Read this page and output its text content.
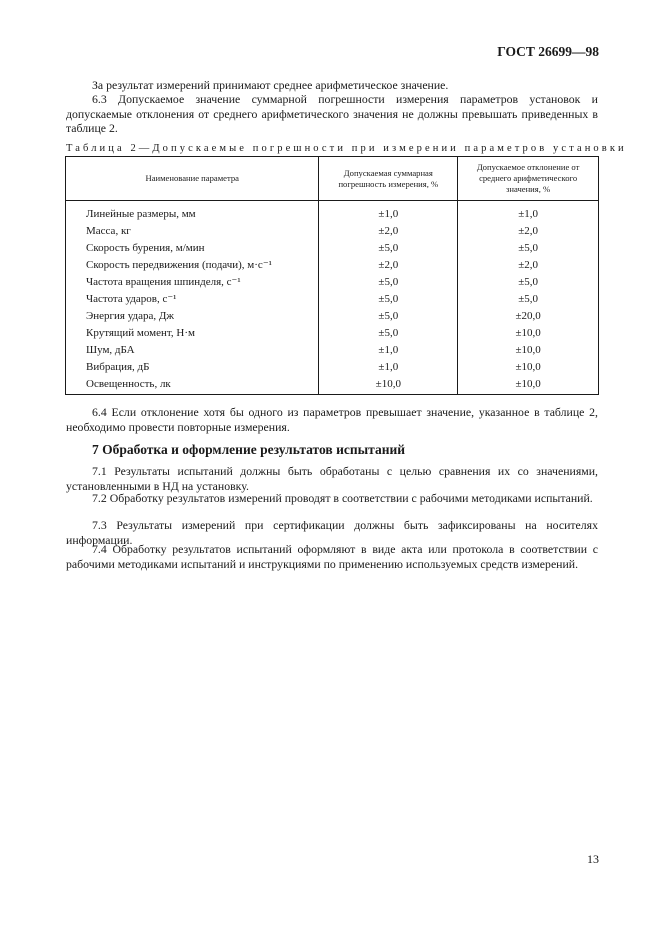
ГОСТ 26699—98

За результат измерений принимают среднее арифметическое значение.

6.3 Допускаемое значение суммарной погрешности измерения параметров установок и допускаемые отклонения от среднего арифметического значения не должны превышать приведенных в таблице 2.

Таблица 2—Допускаемые погрешности при измерении параметров установки
Наименование параметра	Допускаемая суммарная погрешность измерения, %	Допускаемое отклонение от среднего арифметического значения, %
Линейные размеры, мм	±1,0	±1,0
Масса, кг	±2,0	±2,0
Скорость бурения, м/мин	±5,0	±5,0
Скорость передвижения (подачи), м·с⁻¹	±2,0	±2,0
Частота вращения шпинделя, с⁻¹	±5,0	±5,0
Частота ударов, с⁻¹	±5,0	±5,0
Энергия удара, Дж	±5,0	±20,0
Крутящий момент, Н·м	±5,0	±10,0
Шум, дБА	±1,0	±10,0
Вибрация, дБ	±1,0	±10,0
Освещенность, лк	±10,0	±10,0

6.4 Если отклонение хотя бы одного из параметров превышает значение, указанное в таблице 2, необходимо провести повторные измерения.

7 Обработка и оформление результатов испытаний

7.1 Результаты испытаний должны быть обработаны с целью сравнения их со значениями, установленными в НД на установку.

7.2 Обработку результатов измерений проводят в соответствии с рабочими методиками испытаний.

7.3 Результаты измерений при сертификации должны быть зафиксированы на носителях информации.

7.4 Обработку результатов испытаний оформляют в виде акта или протокола в соответствии с рабочими методиками испытаний и инструкциями по применению используемых средств измерений.

13
